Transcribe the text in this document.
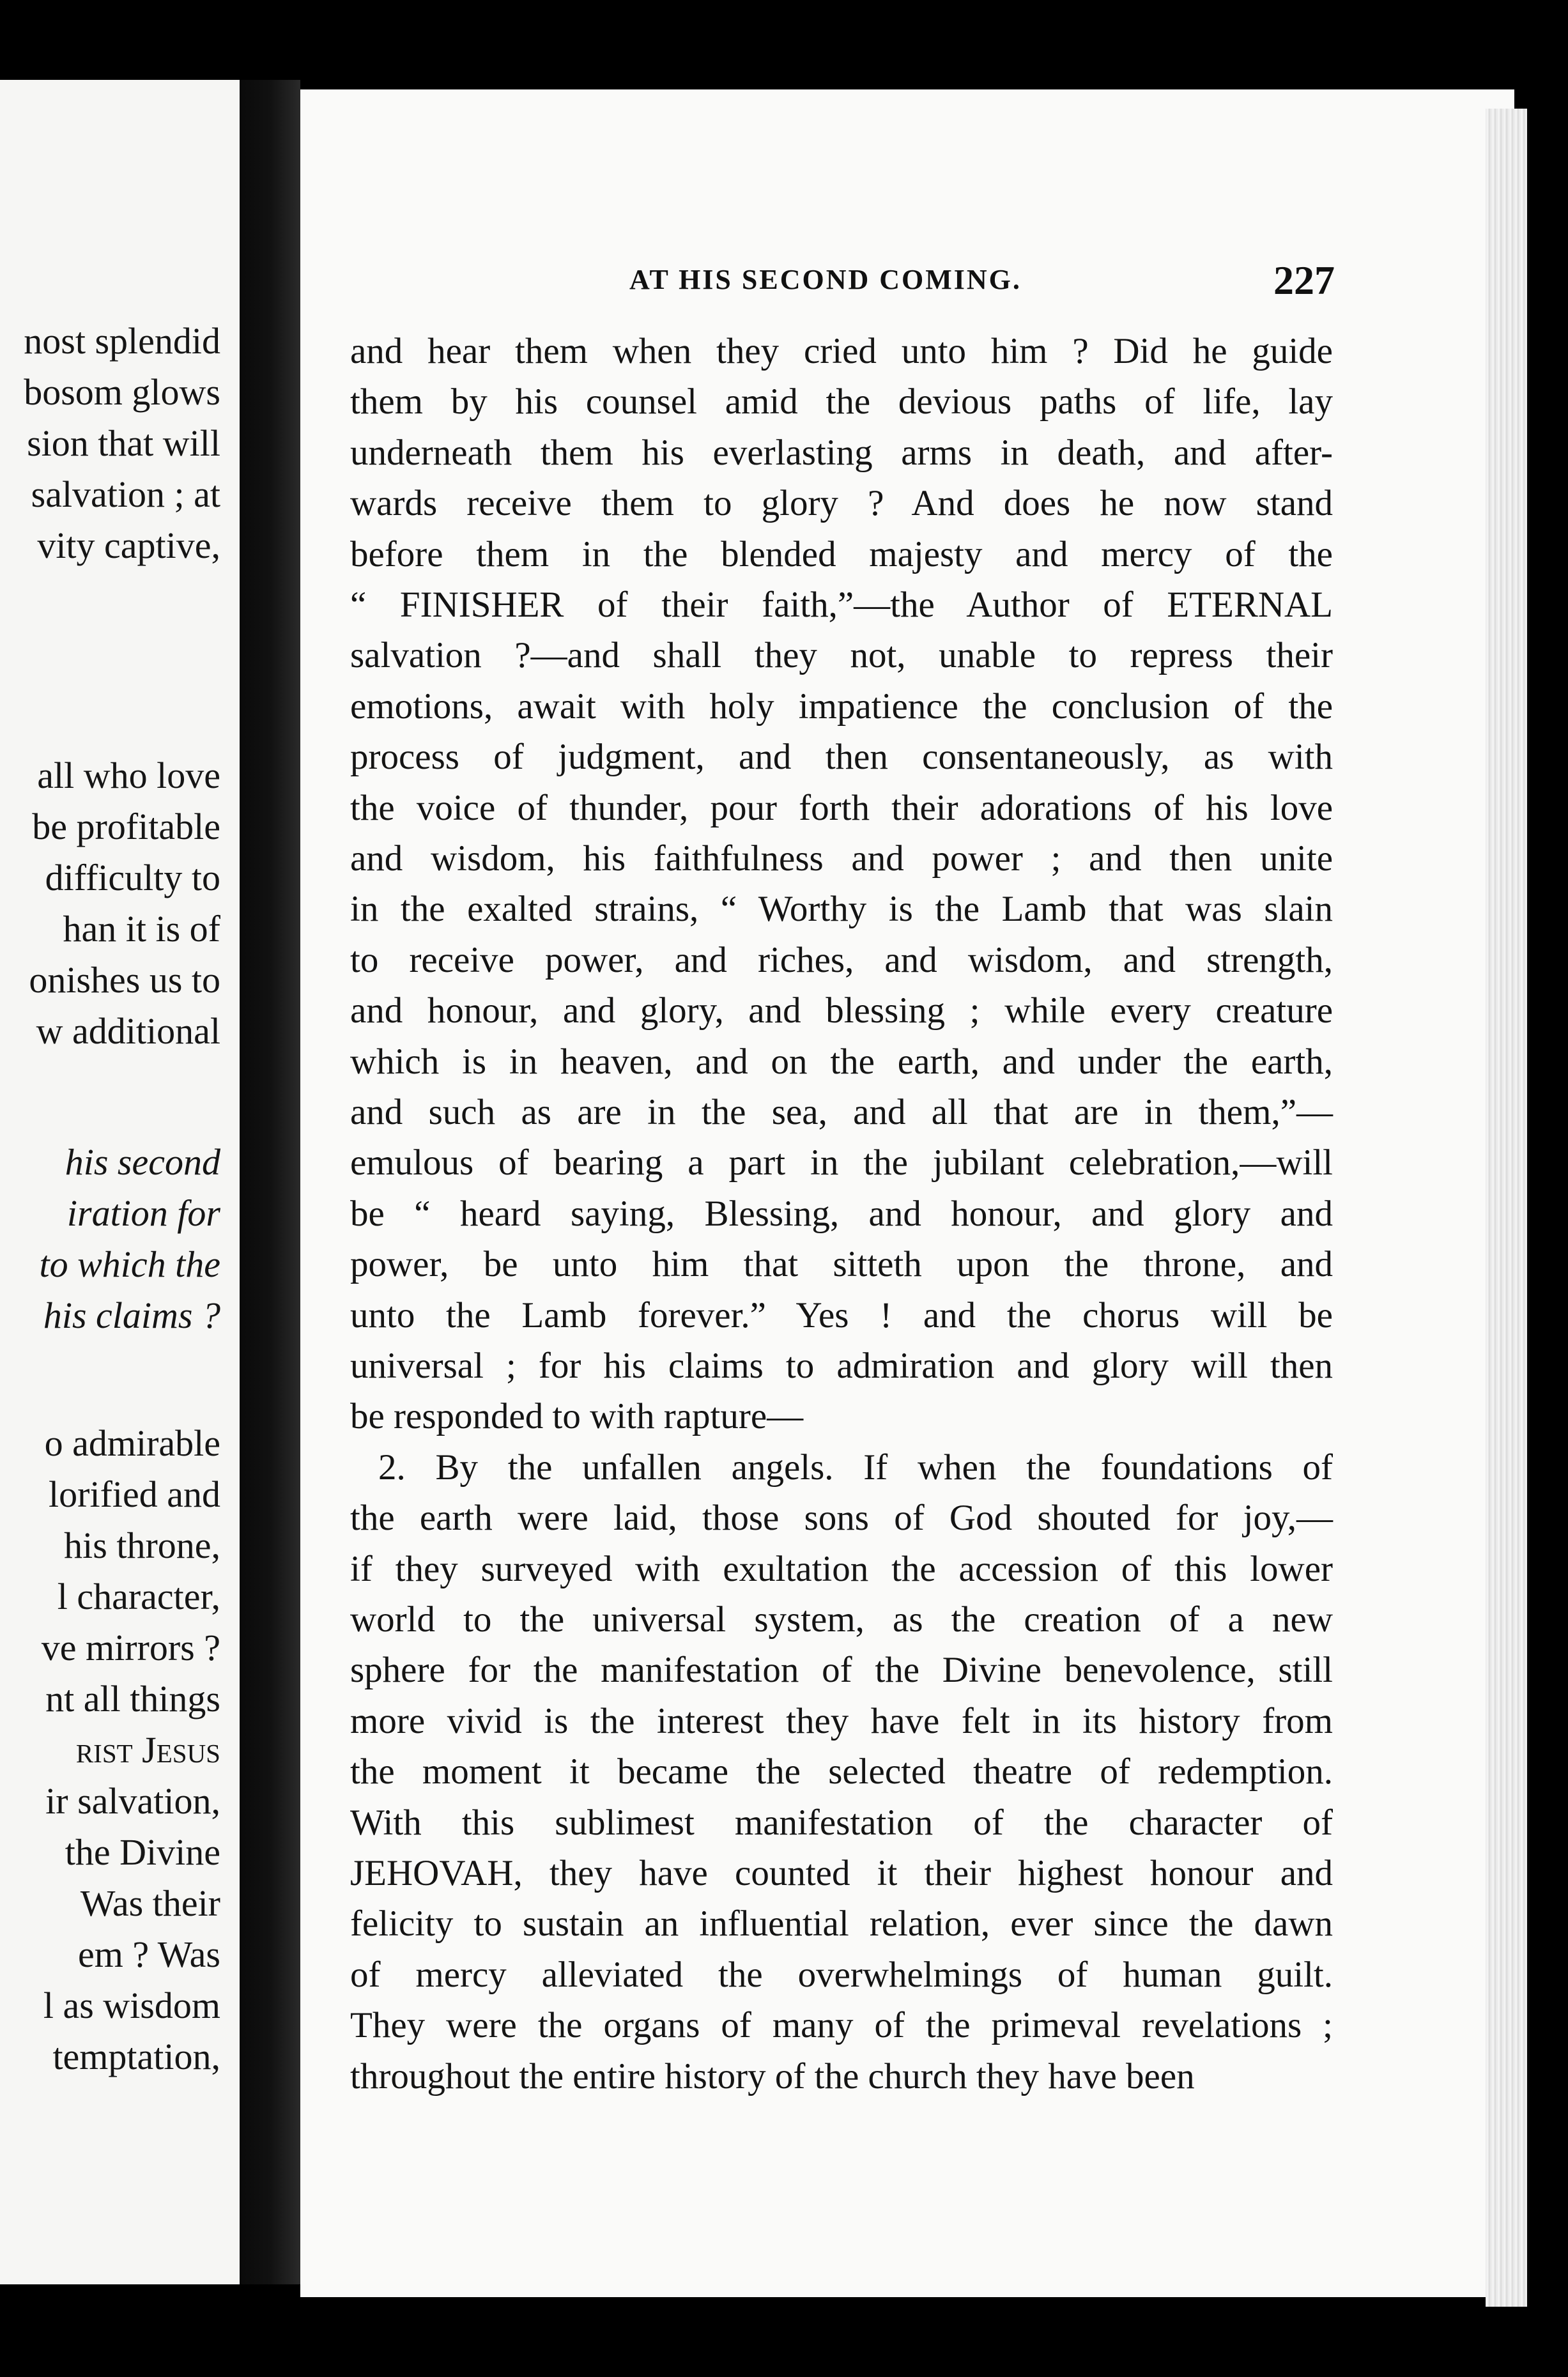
nost splendid
bosom glows
sion that will
salvation ; at
vity captive,
all who love
be profitable
difficulty to
han it is of
onishes us to
w additional
his second
iration for
to which the
his claims ?
o admirable
lorified and
his throne,
l character,
ve mirrors ?
nt all things
rist Jesus
ir salvation,
the Divine
Was their
em ? Was
l as wisdom
temptation,
AT HIS SECOND COMING.	227
and hear them when they cried unto him ? Did he guide
them by his counsel amid the devious paths of life, lay
underneath them his everlasting arms in death, and after-
wards receive them to glory ? And does he now stand
before them in the blended majesty and mercy of the
“ FINISHER of their faith,”—the Author of ETERNAL
salvation ?—and shall they not, unable to repress their
emotions, await with holy impatience the conclusion of the
process of judgment, and then consentaneously, as with
the voice of thunder, pour forth their adorations of his love
and wisdom, his faithfulness and power ; and then unite
in the exalted strains, “ Worthy is the Lamb that was slain
to receive power, and riches, and wisdom, and strength,
and honour, and glory, and blessing ; while every creature
which is in heaven, and on the earth, and under the earth,
and such as are in the sea, and all that are in them,”—
emulous of bearing a part in the jubilant celebration,—will
be “ heard saying, Blessing, and honour, and glory and
power, be unto him that sitteth upon the throne, and
unto the Lamb forever.” Yes ! and the chorus will be
universal ; for his claims to admiration and glory will then
be responded to with rapture—
2. By the unfallen angels. If when the foundations of
the earth were laid, those sons of God shouted for joy,—
if they surveyed with exultation the accession of this lower
world to the universal system, as the creation of a new
sphere for the manifestation of the Divine benevolence, still
more vivid is the interest they have felt in its history from
the moment it became the selected theatre of redemption.
With this sublimest manifestation of the character of
JEHOVAH, they have counted it their highest honour and
felicity to sustain an influential relation, ever since the dawn
of mercy alleviated the overwhelmings of human guilt.
They were the organs of many of the primeval revelations ;
throughout the entire history of the church they have been
